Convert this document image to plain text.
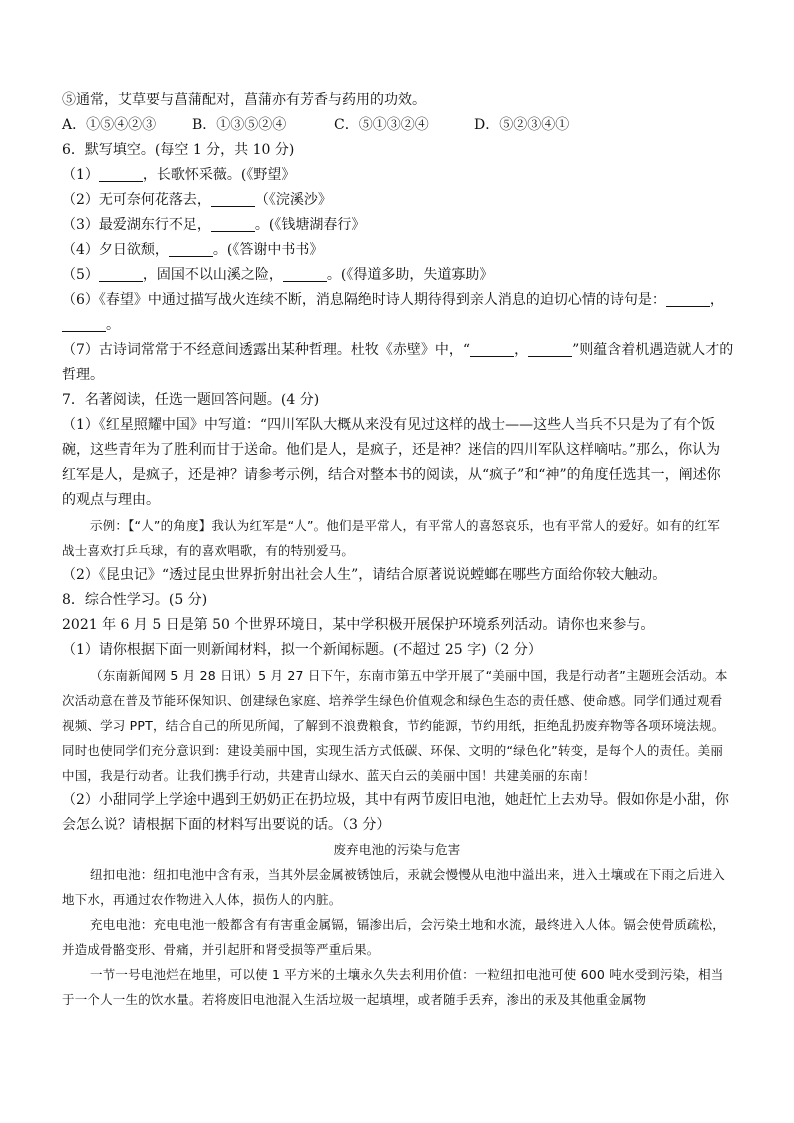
⑤通常，艾草要与菖蒲配对，菖蒲亦有芳香与药用的功效。
A．①⑤④②③	B．①③⑤②④	C．⑤①③②④	D．⑤②③④①
6．默写填空。(每空 1 分，共 10 分)
（1）	，长歌怀采薇。(《野望》
（2）无可奈何花落去，	（《浣溪沙》
（3）最爱湖东行不足，	。(《钱塘湖春行》
（4）夕日欲颓，	。(《答谢中书书》
（5）	，固国不以山溪之险，	。(《得道多助，失道寡助》
（6）《春望》中通过描写战火连续不断，消息隔绝时诗人期待得到亲人消息的迫切心情的诗句是：	，
。
（7）古诗词常常于不经意间透露出某种哲理。杜牧《赤壁》中，“	，	”则蕴含着机遇造就人才的
哲理。
7．名著阅读，任选一题回答问题。(4 分)
（1）《红星照耀中国》中写道：“四川军队大概从来没有见过这样的战士——这些人当兵不只是为了有个饭碗，这些青年为了胜利而甘于送命。他们是人，是疯子，还是神？迷信的四川军队这样嘀咕。”那么，你认为红军是人，是疯子，还是神？请参考示例，结合对整本书的阅读，从“疯子”和“神”的角度任选其一，阐述你的观点与理由。
示例：【“人”的角度】我认为红军是“人”。他们是平常人，有平常人的喜怒哀乐，也有平常人的爱好。如有的红军战士喜欢打乒乓球，有的喜欢唱歌，有的特别爱马。
（2）《昆虫记》“透过昆虫世界折射出社会人生”，请结合原著说说螳螂在哪些方面给你较大触动。
8．综合性学习。(5 分)
2021 年 6 月 5 日是第 50 个世界环境日，某中学积极开展保护环境系列活动。请你也来参与。
（1）请你根据下面一则新闻材料，拟一个新闻标题。(不超过 25 字)（2 分）
（东南新闻网 5 月 28 日讯）5 月 27 日下午，东南市第五中学开展了“美丽中国，我是行动者”主题班会活动。本次活动意在普及节能环保知识、创建绿色家庭、培养学生绿色价值观念和绿色生态的责任感、使命感。同学们通过观看视频、学习 PPT，结合自己的所见所闻，了解到不浪费粮食，节约能源，节约用纸，拒绝乱扔废弃物等各项环境法规。同时也使同学们充分意识到：建设美丽中国，实现生活方式低碳、环保、文明的“绿色化”转变，是每个人的责任。美丽中国，我是行动者。让我们携手行动，共建青山绿水、蓝天白云的美丽中国！共建美丽的东南！
（2）小甜同学上学途中遇到王奶奶正在扔垃圾，其中有两节废旧电池，她赶忙上去劝导。假如你是小甜，你会怎么说？请根据下面的材料写出要说的话。（3 分）
废弃电池的污染与危害
纽扣电池：纽扣电池中含有汞，当其外层金属被锈蚀后，汞就会慢慢从电池中溢出来，进入土壤或在下雨之后进入地下水，再通过农作物进入人体，损伤人的内脏。
充电电池：充电电池一般都含有有害重金属镉，镉渗出后，会污染土地和水流，最终进入人体。镉会使骨质疏松，并造成骨骼变形、骨痛，并引起肝和肾受损等严重后果。
一节一号电池烂在地里，可以使 1 平方米的土壤永久失去利用价值：一粒纽扣电池可使 600 吨水受到污染，相当于一个人一生的饮水量。若将废旧电池混入生活垃圾一起填埋，或者随手丢弃，渗出的汞及其他重金属物
